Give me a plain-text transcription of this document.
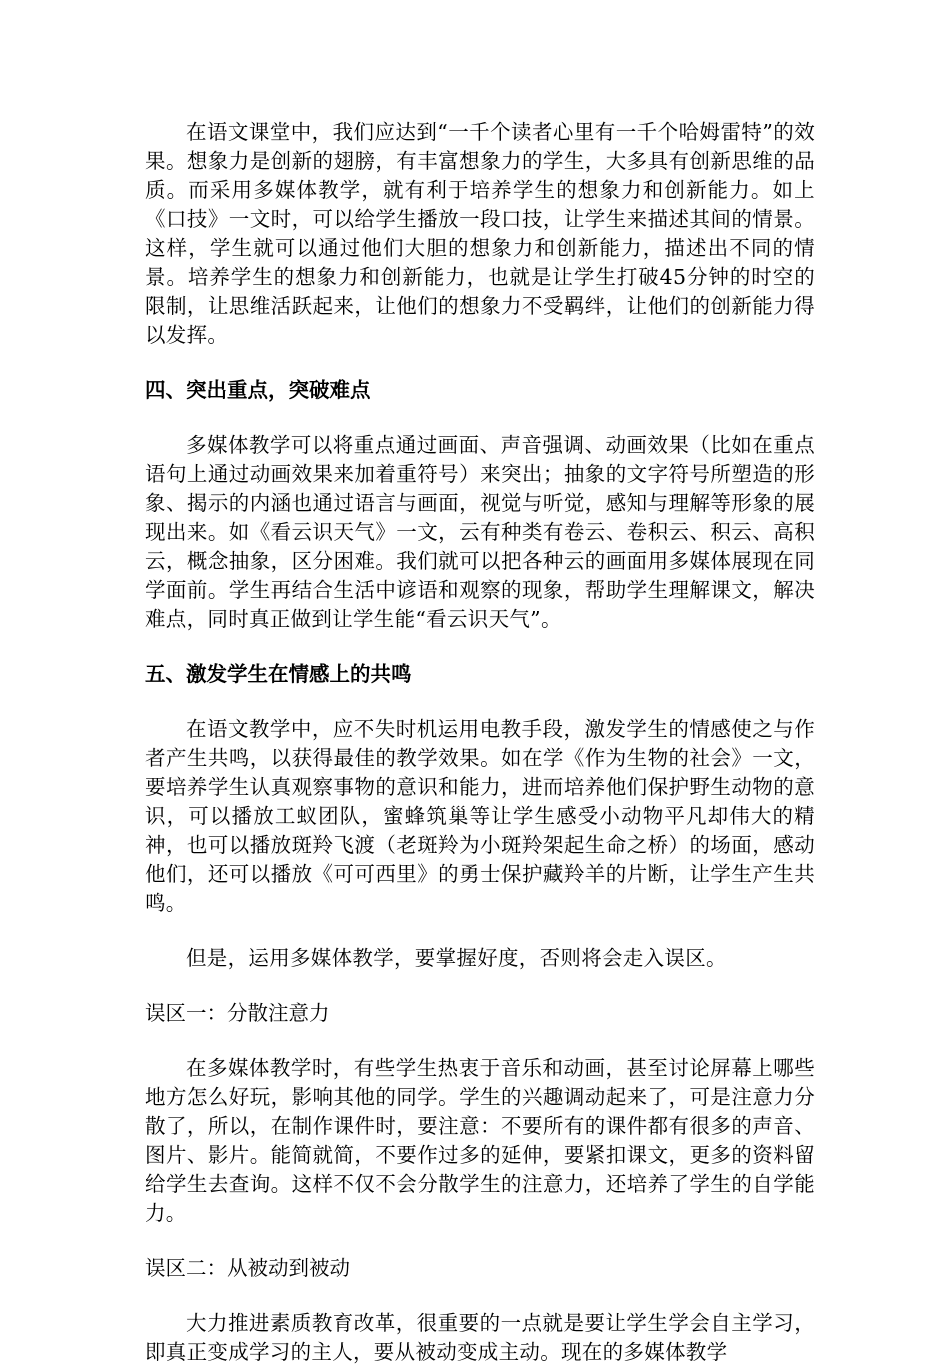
在语文课堂中，我们应达到“一千个读者心里有一千个哈姆雷特”的效果。想象力是创新的翅膀，有丰富想象力的学生，大多具有创新思维的品质。而采用多媒体教学，就有利于培养学生的想象力和创新能力。如上《口技》一文时，可以给学生播放一段口技，让学生来描述其间的情景。这样，学生就可以通过他们大胆的想象力和创新能力，描述出不同的情景。培养学生的想象力和创新能力，也就是让学生打破45分钟的时空的限制，让思维活跃起来，让他们的想象力不受羁绊，让他们的创新能力得以发挥。

四、突出重点，突破难点

多媒体教学可以将重点通过画面、声音强调、动画效果（比如在重点语句上通过动画效果来加着重符号）来突出；抽象的文字符号所塑造的形象、揭示的内涵也通过语言与画面，视觉与听觉，感知与理解等形象的展现出来。如《看云识天气》一文，云有种类有卷云、卷积云、积云、高积云，概念抽象，区分困难。我们就可以把各种云的画面用多媒体展现在同学面前。学生再结合生活中谚语和观察的现象，帮助学生理解课文，解决难点，同时真正做到让学生能“看云识天气”。

五、激发学生在情感上的共鸣

在语文教学中，应不失时机运用电教手段，激发学生的情感使之与作者产生共鸣，以获得最佳的教学效果。如在学《作为生物的社会》一文，要培养学生认真观察事物的意识和能力，进而培养他们保护野生动物的意识，可以播放工蚁团队，蜜蜂筑巢等让学生感受小动物平凡却伟大的精神，也可以播放斑羚飞渡（老斑羚为小斑羚架起生命之桥）的场面，感动他们，还可以播放《可可西里》的勇士保护藏羚羊的片断，让学生产生共鸣。

但是，运用多媒体教学，要掌握好度，否则将会走入误区。

误区一：分散注意力

在多媒体教学时，有些学生热衷于音乐和动画，甚至讨论屏幕上哪些地方怎么好玩，影响其他的同学。学生的兴趣调动起来了，可是注意力分散了，所以，在制作课件时，要注意：不要所有的课件都有很多的声音、图片、影片。能简就简，不要作过多的延伸，要紧扣课文，更多的资料留给学生去查询。这样不仅不会分散学生的注意力，还培养了学生的自学能力。

误区二：从被动到被动

大力推进素质教育改革，很重要的一点就是要让学生学会自主学习，即真正变成学习的主人，要从被动变成主动。现在的多媒体教学
